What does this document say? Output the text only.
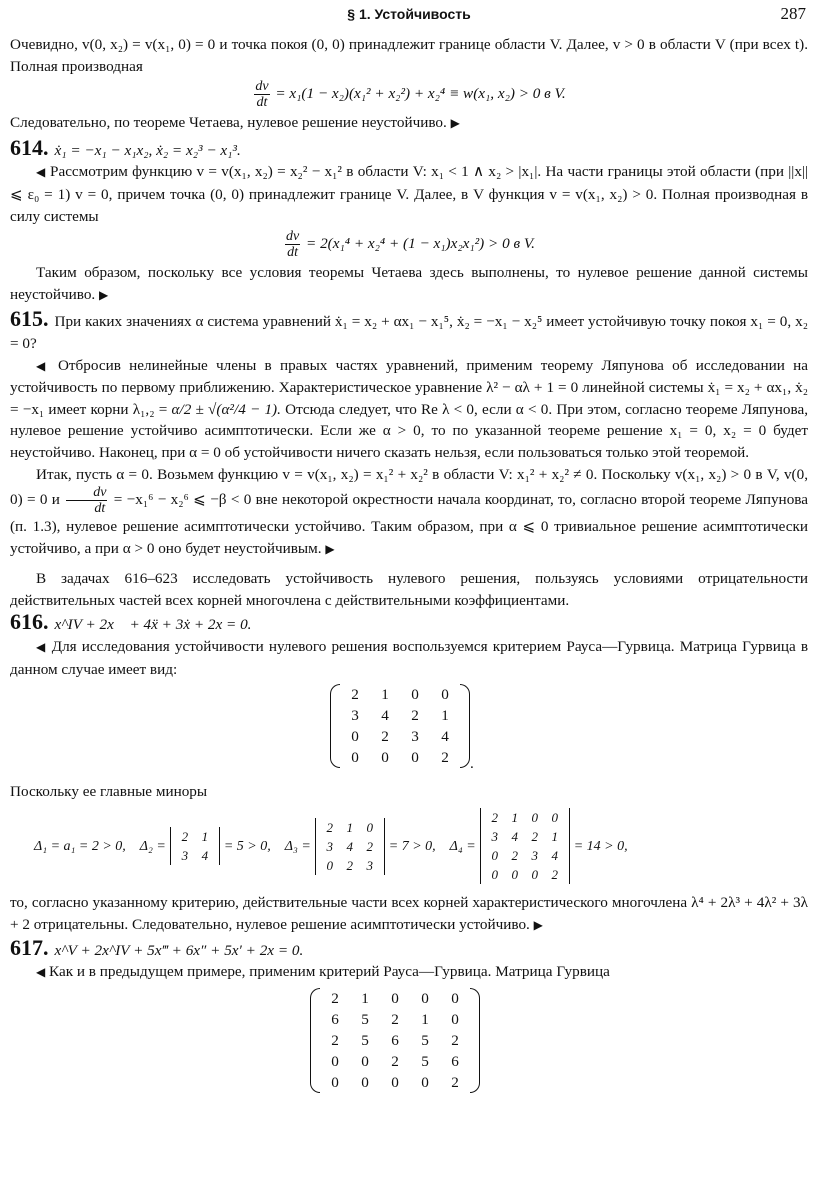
§ 1. Устойчивость	287

Очевидно, v(0, x₂) = v(x₁, 0) = 0 и точка покоя (0, 0) принадлежит границе области V. Далее, v > 0 в области V (при всех t). Полная производная

$\frac{dv}{dt} = x_1(1 - x_2)(x_1^2 + x_2^2) + x_2^4 \equiv w(x_1$, x₂) > 0 в V.

Следовательно, по теореме Четаева, нулевое решение неустойчиво. ▶

614. ẋ₁ = −x₁ − x₁x₂, ẋ₂ = x₂³ − x₁³.

◀ Рассмотрим функцию v = v(x₁, x₂) = x₂² − x₁² в области V: x₁ < 1 ∧ x₂ > |x₁|. На части границы этой области (при ||x|| ⩽ ε₀ = 1) v = 0, причем точка (0, 0) принадлежит границе V. Далее, в V функция v = v(x₁, x₂) > 0. Полная производная в силу системы

$\frac{dv}{dt} = 2(x_1^4 + x_2^4 + (1 - x_1)x_2x_1^2) > 0$ в V.

Таким образом, поскольку все условия теоремы Четаева здесь выполнены, то нулевое решение данной системы неустойчиво. ▶

615. При каких значениях α система уравнений ẋ₁ = x₂ + αx₁ − x₁⁵, ẋ₂ = −x₁ − x₂⁵ имеет устойчивую точку покоя x₁ = 0, x₂ = 0?

◀ Отбросив нелинейные члены в правых частях уравнений, применим теорему Ляпунова об исследовании на устойчивость по первому приближению. Характеристическое уравнение λ² − αλ + 1 = 0 линейной системы ẋ₁ = x₂ + αx₁, ẋ₂ = −x₁ имеет корни λ₁,₂ = α/2 ± √(α²/4 − 1). Отсюда следует, что Re λ < 0, если α < 0. При этом, согласно теореме Ляпунова, нулевое решение устойчиво асимптотически. Если же α > 0, то по указанной теореме решение x₁ = 0, x₂ = 0 будет неустойчиво. Наконец, при α = 0 об устойчивости ничего сказать нельзя, если пользоваться только этой теоремой.

Итак, пусть α = 0. Возьмем функцию v = v(x₁, x₂) = x₁² + x₂² в области V: x₁² + x₂² ≠ 0. Поскольку v(x₁, x₂) > 0 в V, v(0, 0) = 0 и $\frac{dv}{dt} = -x_1^6 - x_2^6$ ⩽ −β < 0 вне некоторой окрестности начала координат, то, согласно второй теореме Ляпунова (п. 1.3), нулевое решение асимптотически устойчиво. Таким образом, при α ⩽ 0 тривиальное решение асимптотически устойчиво, а при α > 0 оно будет неустойчивым. ▶

В задачах 616–623 исследовать устойчивость нулевого решения, пользуясь условиями отрицательности действительных частей всех корней многочлена с действительными коэффициентами.

616. x^IV + 2x⃛ + 4ẍ + 3ẋ + 2x = 0.

◀ Для исследования устойчивости нулевого решения воспользуемся критерием Рауса—Гурвица. Матрица Гурвица в данном случае имеет вид:

2	1	0	0
3	4	2	1
0	2	3	4
0	0	0	2 .

Поскольку ее главные миноры

Δ₁ = a₁ = 2 > 0, Δ₂ =
2	1
3	4
= 5 > 0, Δ₃ =
2	1	0
3	4	2
0	2	3
= 7 > 0, Δ₄ =
2	1	0	0
3	4	2	1
0	2	3	4
0	0	0	2
= 14 > 0,

то, согласно указанному критерию, действительные части всех корней характеристического многочлена λ⁴ + 2λ³ + 4λ² + 3λ + 2 отрицательны. Следовательно, нулевое решение асимптотически устойчиво. ▶

617. x^V + 2x^IV + 5x‴ + 6x″ + 5x′ + 2x = 0.

◀ Как и в предыдущем примере, применим критерий Рауса—Гурвица. Матрица Гурвица

2	1	0	0	0
6	5	2	1	0
2	5	6	5	2
0	0	2	5	6
0	0	0	0	2
